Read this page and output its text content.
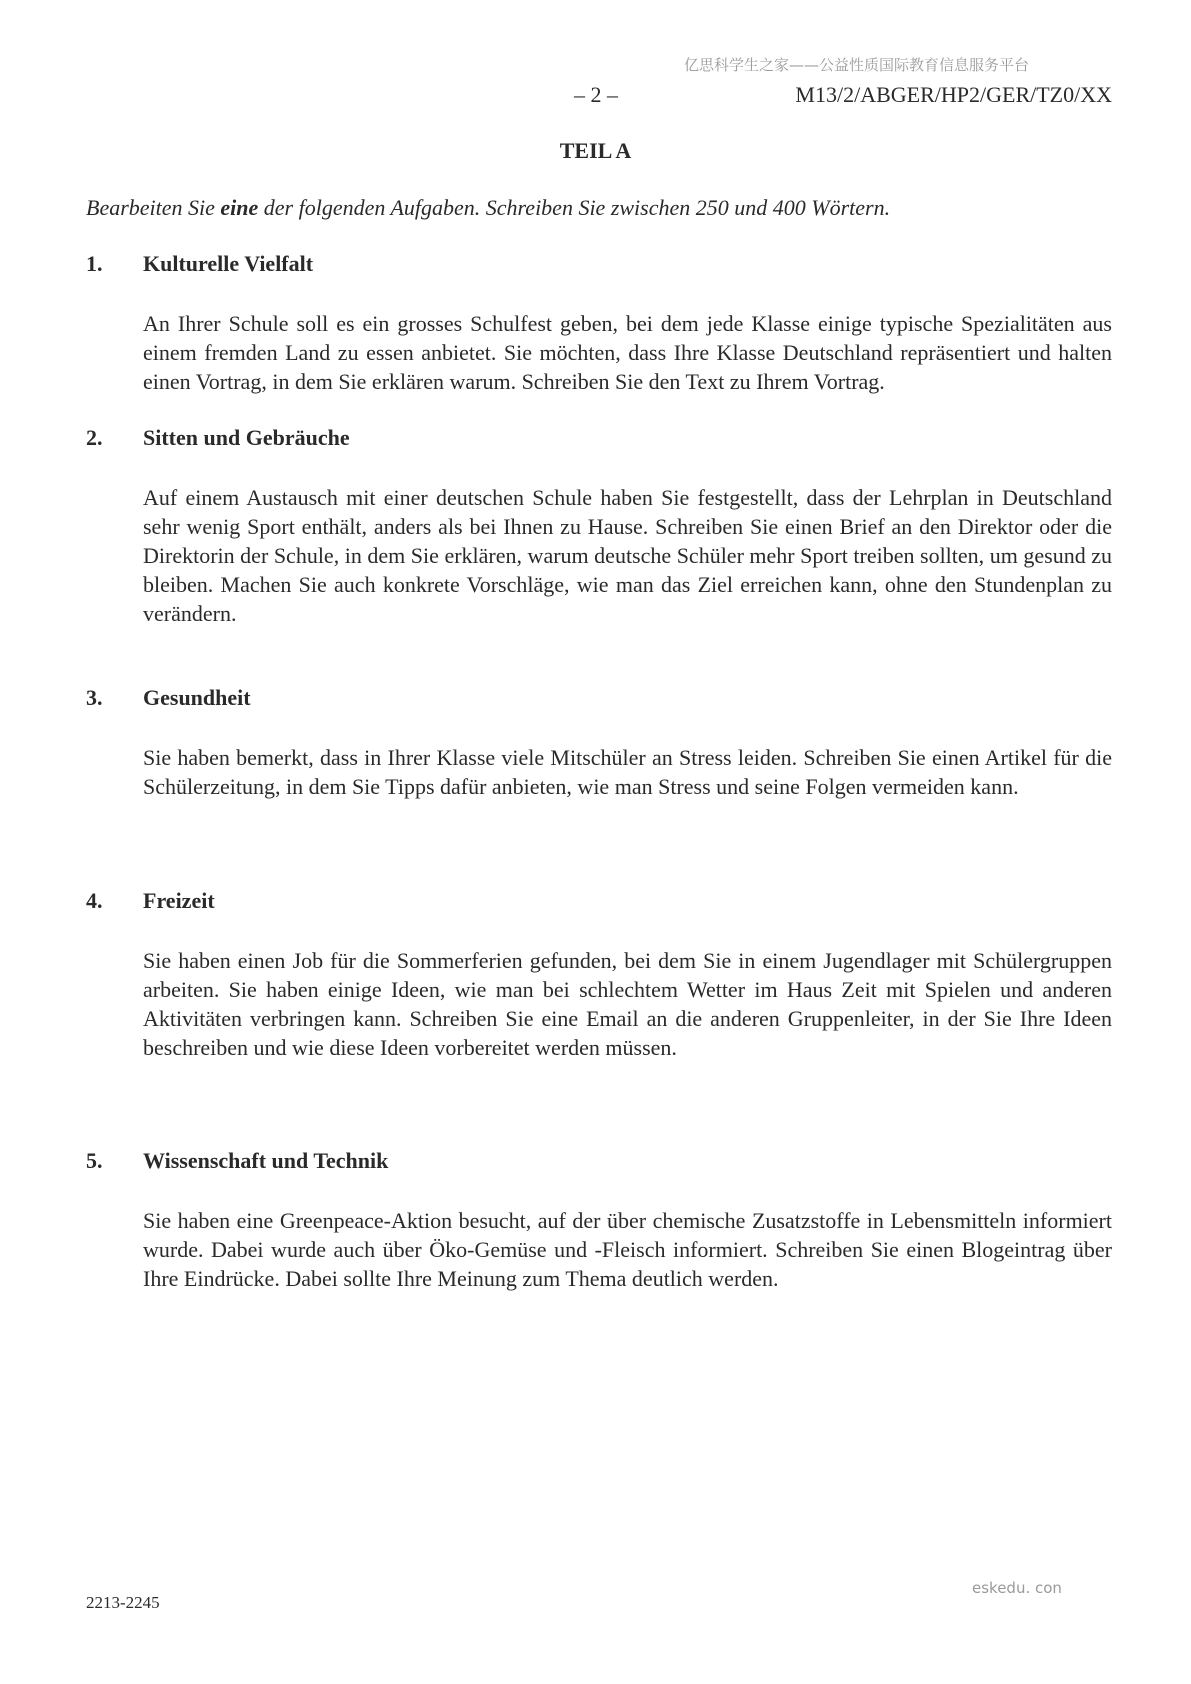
亿思科学生之家——公益性质国际教育信息服务平台
– 2 –	M13/2/ABGER/HP2/GER/TZ0/XX
TEIL A
Bearbeiten Sie eine der folgenden Aufgaben. Schreiben Sie zwischen 250 und 400 Wörtern.
1. Kulturelle Vielfalt
An Ihrer Schule soll es ein grosses Schulfest geben, bei dem jede Klasse einige typische Spezialitäten aus einem fremden Land zu essen anbietet. Sie möchten, dass Ihre Klasse Deutschland repräsentiert und halten einen Vortrag, in dem Sie erklären warum. Schreiben Sie den Text zu Ihrem Vortrag.
2. Sitten und Gebräuche
Auf einem Austausch mit einer deutschen Schule haben Sie festgestellt, dass der Lehrplan in Deutschland sehr wenig Sport enthält, anders als bei Ihnen zu Hause. Schreiben Sie einen Brief an den Direktor oder die Direktorin der Schule, in dem Sie erklären, warum deutsche Schüler mehr Sport treiben sollten, um gesund zu bleiben. Machen Sie auch konkrete Vorschläge, wie man das Ziel erreichen kann, ohne den Stundenplan zu verändern.
3. Gesundheit
Sie haben bemerkt, dass in Ihrer Klasse viele Mitschüler an Stress leiden. Schreiben Sie einen Artikel für die Schülerzeitung, in dem Sie Tipps dafür anbieten, wie man Stress und seine Folgen vermeiden kann.
4. Freizeit
Sie haben einen Job für die Sommerferien gefunden, bei dem Sie in einem Jugendlager mit Schülergruppen arbeiten. Sie haben einige Ideen, wie man bei schlechtem Wetter im Haus Zeit mit Spielen und anderen Aktivitäten verbringen kann. Schreiben Sie eine Email an die anderen Gruppenleiter, in der Sie Ihre Ideen beschreiben und wie diese Ideen vorbereitet werden müssen.
5. Wissenschaft und Technik
Sie haben eine Greenpeace-Aktion besucht, auf der über chemische Zusatzstoffe in Lebensmitteln informiert wurde. Dabei wurde auch über Öko-Gemüse und -Fleisch informiert. Schreiben Sie einen Blogeintrag über Ihre Eindrücke. Dabei sollte Ihre Meinung zum Thema deutlich werden.
2213-2245
eskedu. con
